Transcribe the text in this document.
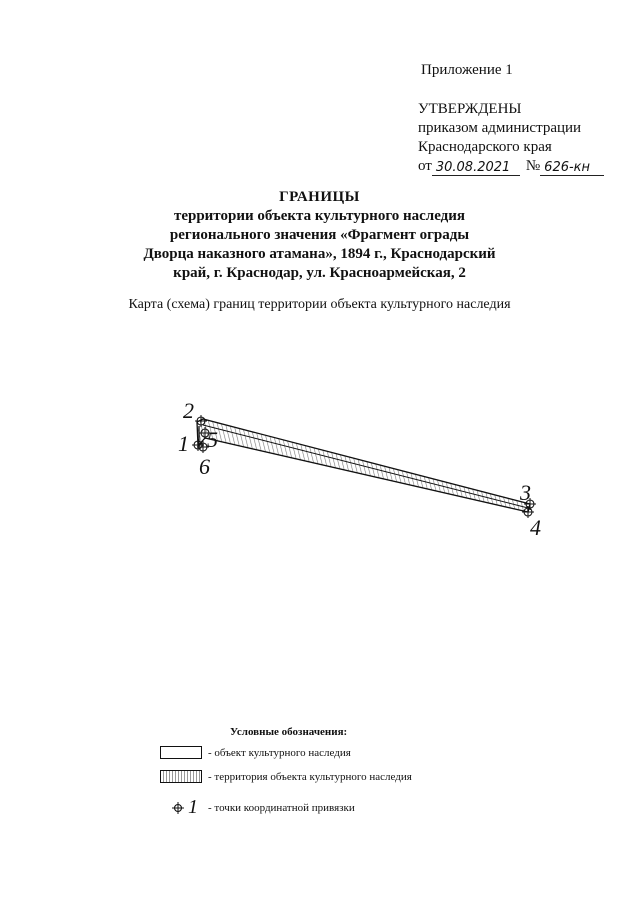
Приложение 1
УТВЕРЖДЕНЫ
приказом администрации
Краснодарского края
от 30.08.2021	№ 626-кн
ГРАНИЦЫ
территории объекта культурного наследия
регионального значения «Фрагмент ограды
Дворца наказного атамана», 1894 г., Краснодарский
край, г. Краснодар, ул. Красноармейская, 2
Карта (схема) границ территории объекта культурного наследия
2
5
1
6
3
4
Условные обозначения:
- объект культурного наследия
- территория объекта культурного наследия
1 - точки координатной привязки
